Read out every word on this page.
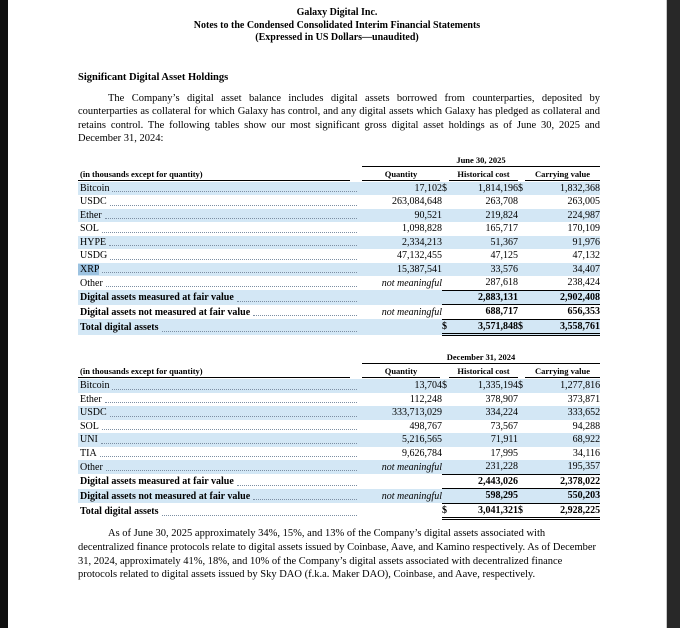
Galaxy Digital Inc.
Notes to the Condensed Consolidated Interim Financial Statements
(Expressed in US Dollars—unaudited)
Significant Digital Asset Holdings

The Company’s digital asset balance includes digital assets borrowed from counterparties, deposited by counterparties as collateral for which Galaxy has control, and any digital assets which Galaxy has pledged as collateral and retains control. The following tables show our most significant gross digital asset holdings as of June 30, 2025 and December 31, 2024:

	June 30, 2025				

(in thousands except for quantity)	Quantity	Historical cost		Carrying value	

Bitcoin	17,102	$	1,814,196	$	1,832,368

USDC	263,084,648		263,708		263,005

Ether	90,521		219,824		224,987

SOL	1,098,828		165,717		170,109

HYPE	2,334,213		51,367		91,976

USDG	47,132,455		47,125		47,132

XRP	15,387,541		33,576		34,407

Other	not meaningful		287,618		238,424

Digital assets measured at fair value			2,883,131		2,902,408

Digital assets not measured at fair value	not meaningful		688,717		656,353

Total digital assets		$	3,571,848	$	3,558,761

	December 31, 2024				

(in thousands except for quantity)	Quantity	Historical cost		Carrying value	

Bitcoin	13,704	$	1,335,194	$	1,277,816

Ether	112,248		378,907		373,871

USDC	333,713,029		334,224		333,652

SOL	498,767		73,567		94,288

UNI	5,216,565		71,911		68,922

TIA	9,626,784		17,995		34,116

Other	not meaningful		231,228		195,357

Digital assets measured at fair value			2,443,026		2,378,022

Digital assets not measured at fair value	not meaningful		598,295		550,203

Total digital assets		$	3,041,321	$	2,928,225

As of June 30, 2025 approximately 34%, 15%, and 13% of the Company’s digital assets associated with decentralized finance protocols relate to digital assets issued by Coinbase, Aave, and Kamino respectively. As of December 31, 2024, approximately 41%, 18%, and 10% of the Company’s digital assets associated with decentralized finance protocols related to digital assets issued by Sky DAO (f.k.a. Maker DAO), Coinbase, and Aave, respectively.
